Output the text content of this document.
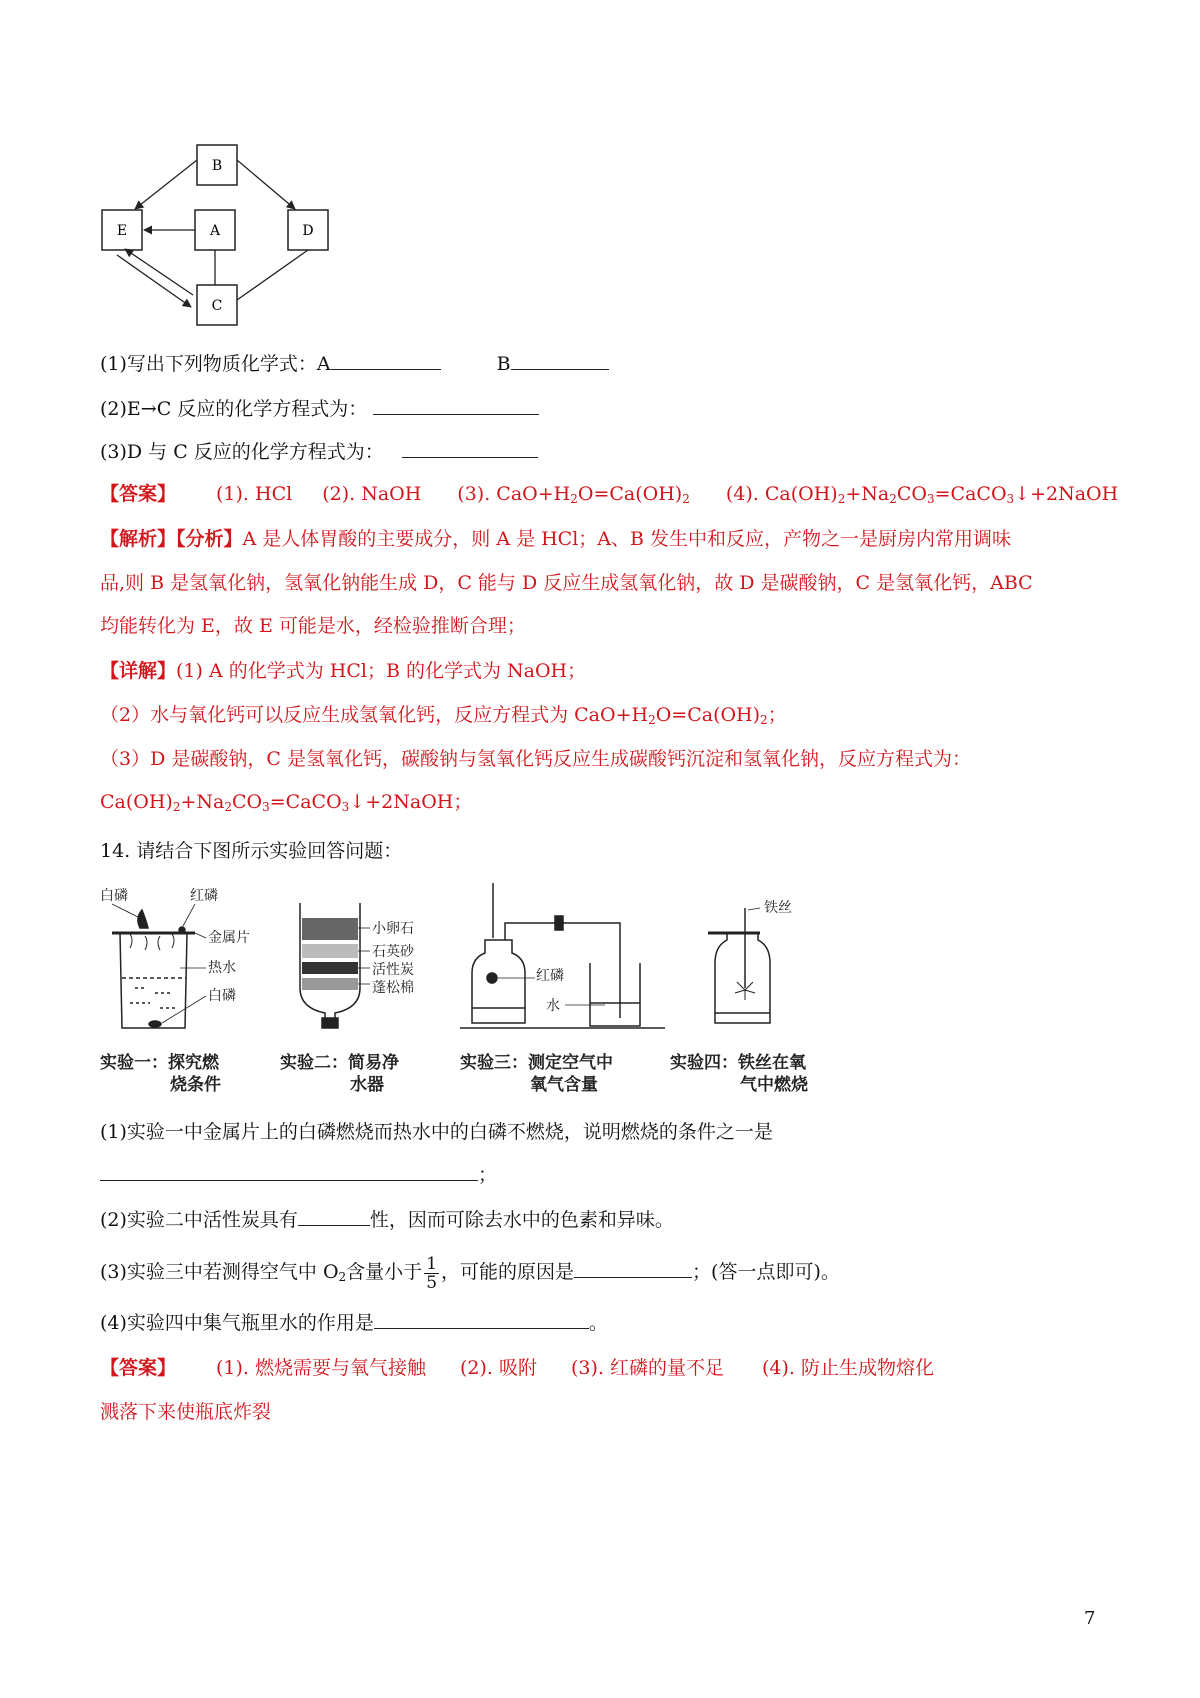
B
A	D
E
C
(1)写出下列物质化学式：A	B
(2)E→C 反应的化学方程式为：
(3)D 与 C 反应的化学方程式为：
【答案】 (1). HCl (2). NaOH (3). $CaO+H_2O=Ca(OH)_2$ (4). $Ca(OH)_2+Na_2CO_3=CaCO_3↓+2NaOH$
【解析】【分析】A 是人体胃酸的主要成分，则 A 是 HCl；A、B 发生中和反应，产物之一是厨房内常用调味
品,则 B 是氢氧化钠，氢氧化钠能生成 D，C 能与 D 反应生成氢氧化钠，故 D 是碳酸钠，C 是氢氧化钙，ABC
均能转化为 E，故 E 可能是水，经检验推断合理；
【详解】(1) A 的化学式为 HCl；B 的化学式为 NaOH；
（2）水与氧化钙可以反应生成氢氧化钙，反应方程式为 $CaO+H_2O=Ca(OH)_2$；
（3）D 是碳酸钠，C 是氢氧化钙，碳酸钠与氢氧化钙反应生成碳酸钙沉淀和氢氧化钠，反应方程式为：
$Ca(OH)_2+Na_2CO_3=CaCO_3↓+2NaOH$；
14. 请结合下图所示实验回答问题：
白磷	红磷
金属片
热水
白磷
小卵石
石英砂
活性炭
蓬松棉
红磷
水
铁丝
实验一：探究燃
烧条件
实验二：简易净
水器
实验三：测定空气中
氧气含量
实验四：铁丝在氧
气中燃烧
(1)实验一中金属片上的白磷燃烧而热水中的白磷不燃烧，说明燃烧的条件之一是
；
(2)实验二中活性炭具有	性，因而可除去水中的色素和异味。
(3)实验三中若测得空气中 $O_2$含量小于 $\frac{1}{5}$ ，可能的原因是	；(答一点即可)。
(4)实验四中集气瓶里水的作用是	。
【答案】 (1). 燃烧需要与氧气接触 (2). 吸附 (3). 红磷的量不足 (4). 防止生成物熔化
溅落下来使瓶底炸裂
7
